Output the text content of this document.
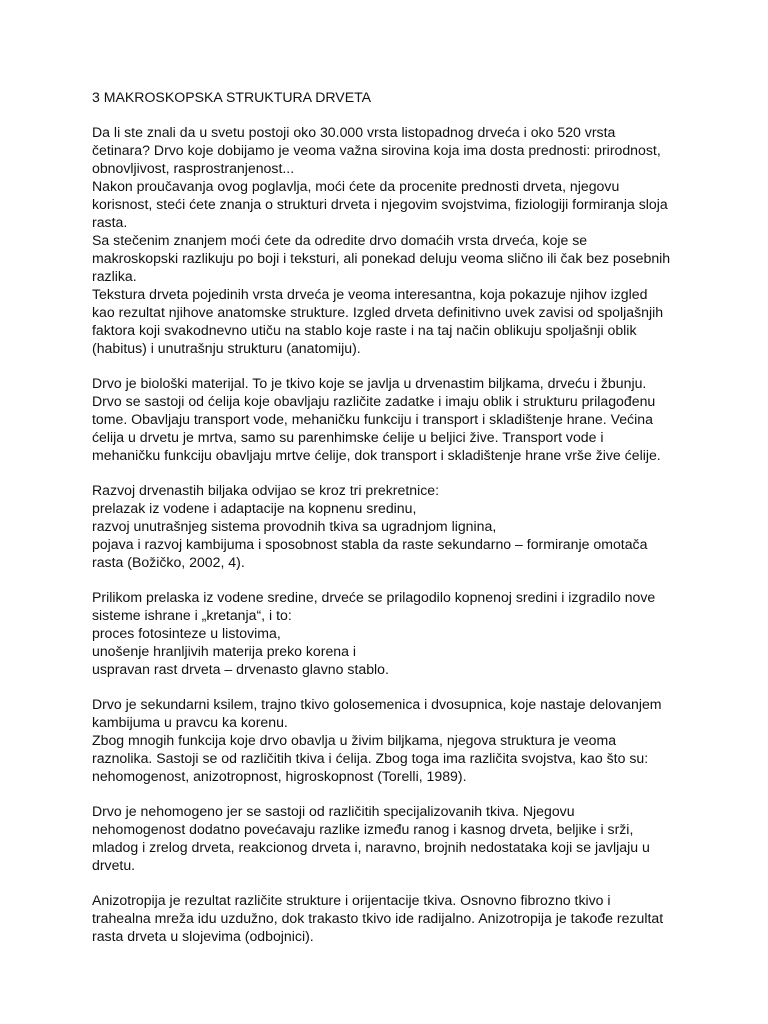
3 MAKROSKOPSKA STRUKTURA DRVETA
Da li ste znali da u svetu postoji oko 30.000 vrsta listopadnog drveća i oko 520 vrsta
četinara? Drvo koje dobijamo je veoma važna sirovina koja ima dosta prednosti: prirodnost,
obnovljivost, rasprostranjenost...
Nakon proučavanja ovog poglavlja, moći ćete da procenite prednosti drveta, njegovu
korisnost, steći ćete znanja o strukturi drveta i njegovim svojstvima, fiziologiji formiranja sloja
rasta.
Sa stečenim znanjem moći ćete da odredite drvo domaćih vrsta drveća, koje se
makroskopski razlikuju po boji i teksturi, ali ponekad deluju veoma slično ili čak bez posebnih
razlika.
Tekstura drveta pojedinih vrsta drveća je veoma interesantna, koja pokazuje njihov izgled
kao rezultat njihove anatomske strukture. Izgled drveta definitivno uvek zavisi od spoljašnjih
faktora koji svakodnevno utiču na stablo koje raste i na taj način oblikuju spoljašnji oblik
(habitus) i unutrašnju strukturu (anatomiju).
Drvo je biološki materijal. To je tkivo koje se javlja u drvenastim biljkama, drveću i žbunju.
Drvo se sastoji od ćelija koje obavljaju različite zadatke i imaju oblik i strukturu prilagođenu
tome. Obavljaju transport vode, mehaničku funkciju i transport i skladištenje hrane. Većina
ćelija u drvetu je mrtva, samo su parenhimske ćelije u beljici žive. Transport vode i
mehaničku funkciju obavljaju mrtve ćelije, dok transport i skladištenje hrane vrše žive ćelije.
Razvoj drvenastih biljaka odvijao se kroz tri prekretnice:
prelazak iz vodene i adaptacije na kopnenu sredinu,
razvoj unutrašnjeg sistema provodnih tkiva sa ugradnjom lignina,
pojava i razvoj kambijuma i sposobnost stabla da raste sekundarno – formiranje omotača
rasta (Božičko, 2002, 4).
Prilikom prelaska iz vodene sredine, drveće se prilagodilo kopnenoj sredini i izgradilo nove
sisteme ishrane i „kretanja“, i to:
proces fotosinteze u listovima,
unošenje hranljivih materija preko korena i
uspravan rast drveta – drvenasto glavno stablo.
Drvo je sekundarni ksilem, trajno tkivo golosemenica i dvosupnica, koje nastaje delovanjem
kambijuma u pravcu ka korenu.
Zbog mnogih funkcija koje drvo obavlja u živim biljkama, njegova struktura je veoma
raznolika. Sastoji se od različitih tkiva i ćelija. Zbog toga ima različita svojstva, kao što su:
nehomogenost, anizotropnost, higroskopnost (Torelli, 1989).
Drvo je nehomogeno jer se sastoji od različitih specijalizovanih tkiva. Njegovu
nehomogenost dodatno povećavaju razlike između ranog i kasnog drveta, beljike i srži,
mladog i zrelog drveta, reakcionog drveta i, naravno, brojnih nedostataka koji se javljaju u
drvetu.
Anizotropija je rezultat različite strukture i orijentacije tkiva. Osnovno fibrozno tkivo i
trahealna mreža idu uzdužno, dok trakasto tkivo ide radijalno. Anizotropija je takođe rezultat
rasta drveta u slojevima (odbojnici).
